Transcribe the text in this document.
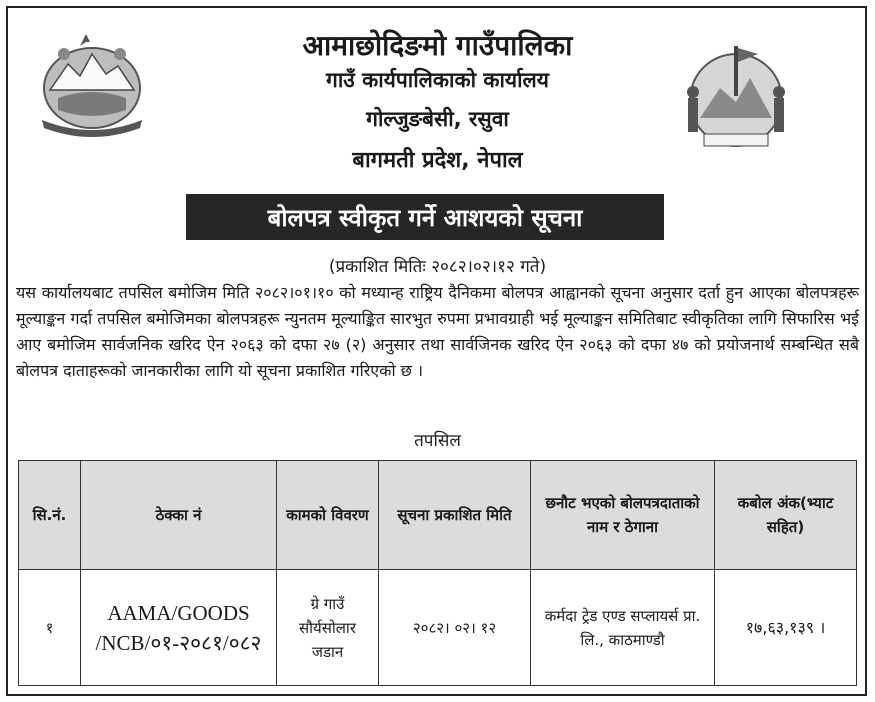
आमाछोदिङमो गाउँपालिका
गाउँ कार्यपालिकाको कार्यालय
गोल्जुङबेसी, रसुवा
बागमती प्रदेश, नेपाल
बोलपत्र स्वीकृत गर्ने आशयको सूचना
(प्रकाशित मितिः २०८२।०२।१२ गते)

यस कार्यालयबाट तपसिल बमोजिम मिति २०८२।०१।१० को मध्यान्ह राष्ट्रिय दैनिकमा बोलपत्र आह्वानको सूचना अनुसार दर्ता हुन आएका बोलपत्रहरू मूल्याङ्कन गर्दा तपसिल बमोजिमका बोलपत्रहरू न्युनतम मूल्याङ्कित सारभुत रुपमा प्रभावग्राही भई मूल्याङ्कन समितिबाट स्वीकृतिका लागि सिफारिस भई आए बमोजिम सार्वजनिक खरिद ऐन २०६३ को दफा २७ (२) अनुसार तथा सार्वजिनक खरिद ऐन २०६३ को दफा ४७ को प्रयोजनार्थ सम्बन्धित सबै बोलपत्र दाताहरूको जानकारीका लागि यो सूचना प्रकाशित गरिएको छ ।

तपसिल
सि.नं.	ठेक्का नं	कामको विवरण	सूचना प्रकाशित मिति	छनौट भएको बोलपत्रदाताको नाम र ठेगाना	कबोल अंक(भ्याट सहित)
१	AAMA/GOODS /NCB/०१-२०८१/०८२	ग्रे गाउँ सौर्यसोलार जडान	२०८२। ०२। १२	कर्मदा ट्रेड एण्ड सप्लायर्स प्रा. लि., काठमाण्डौ	१७,६३,१३९ ।
